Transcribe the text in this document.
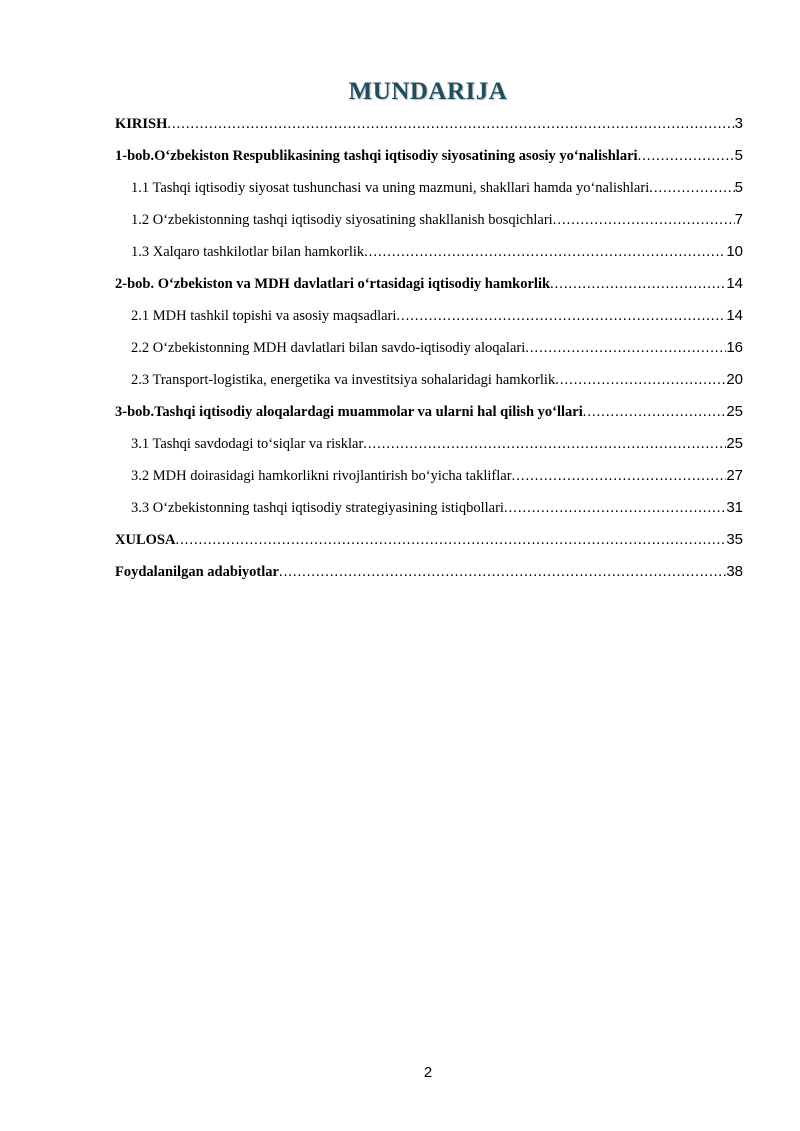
MUNDARIJA
KIRISH .....	3
1-bob.O‘zbekiston Respublikasining tashqi iqtisodiy siyosatining asosiy yo‘nalishlari .....	5
1.1 Tashqi iqtisodiy siyosat tushunchasi va uning mazmuni, shakllari hamda yo‘nalishlari .....	5
1.2 O‘zbekistonning tashqi iqtisodiy siyosatining shakllanish bosqichlari .....	7
1.3 Xalqaro tashkilotlar bilan hamkorlik .....	10
2-bob. O‘zbekiston va MDH davlatlari o‘rtasidagi iqtisodiy hamkorlik .....	14
2.1 MDH tashkil topishi va asosiy maqsadlari .....	14
2.2 O‘zbekistonning MDH davlatlari bilan savdo-iqtisodiy aloqalari .....	16
2.3 Transport-logistika, energetika va investitsiya sohalaridagi hamkorlik .....	20
3-bob.Tashqi iqtisodiy aloqalardagi muammolar va ularni hal qilish yo‘llari .....	25
3.1 Tashqi savdodagi to‘siqlar va risklar .....	25
3.2 MDH doirasidagi hamkorlikni rivojlantirish bo‘yicha takliflar .....	27
3.3 O‘zbekistonning tashqi iqtisodiy strategiyasining istiqbollari .....	31
XULOSA .....	35
Foydalanilgan adabiyotlar .....	38
2
